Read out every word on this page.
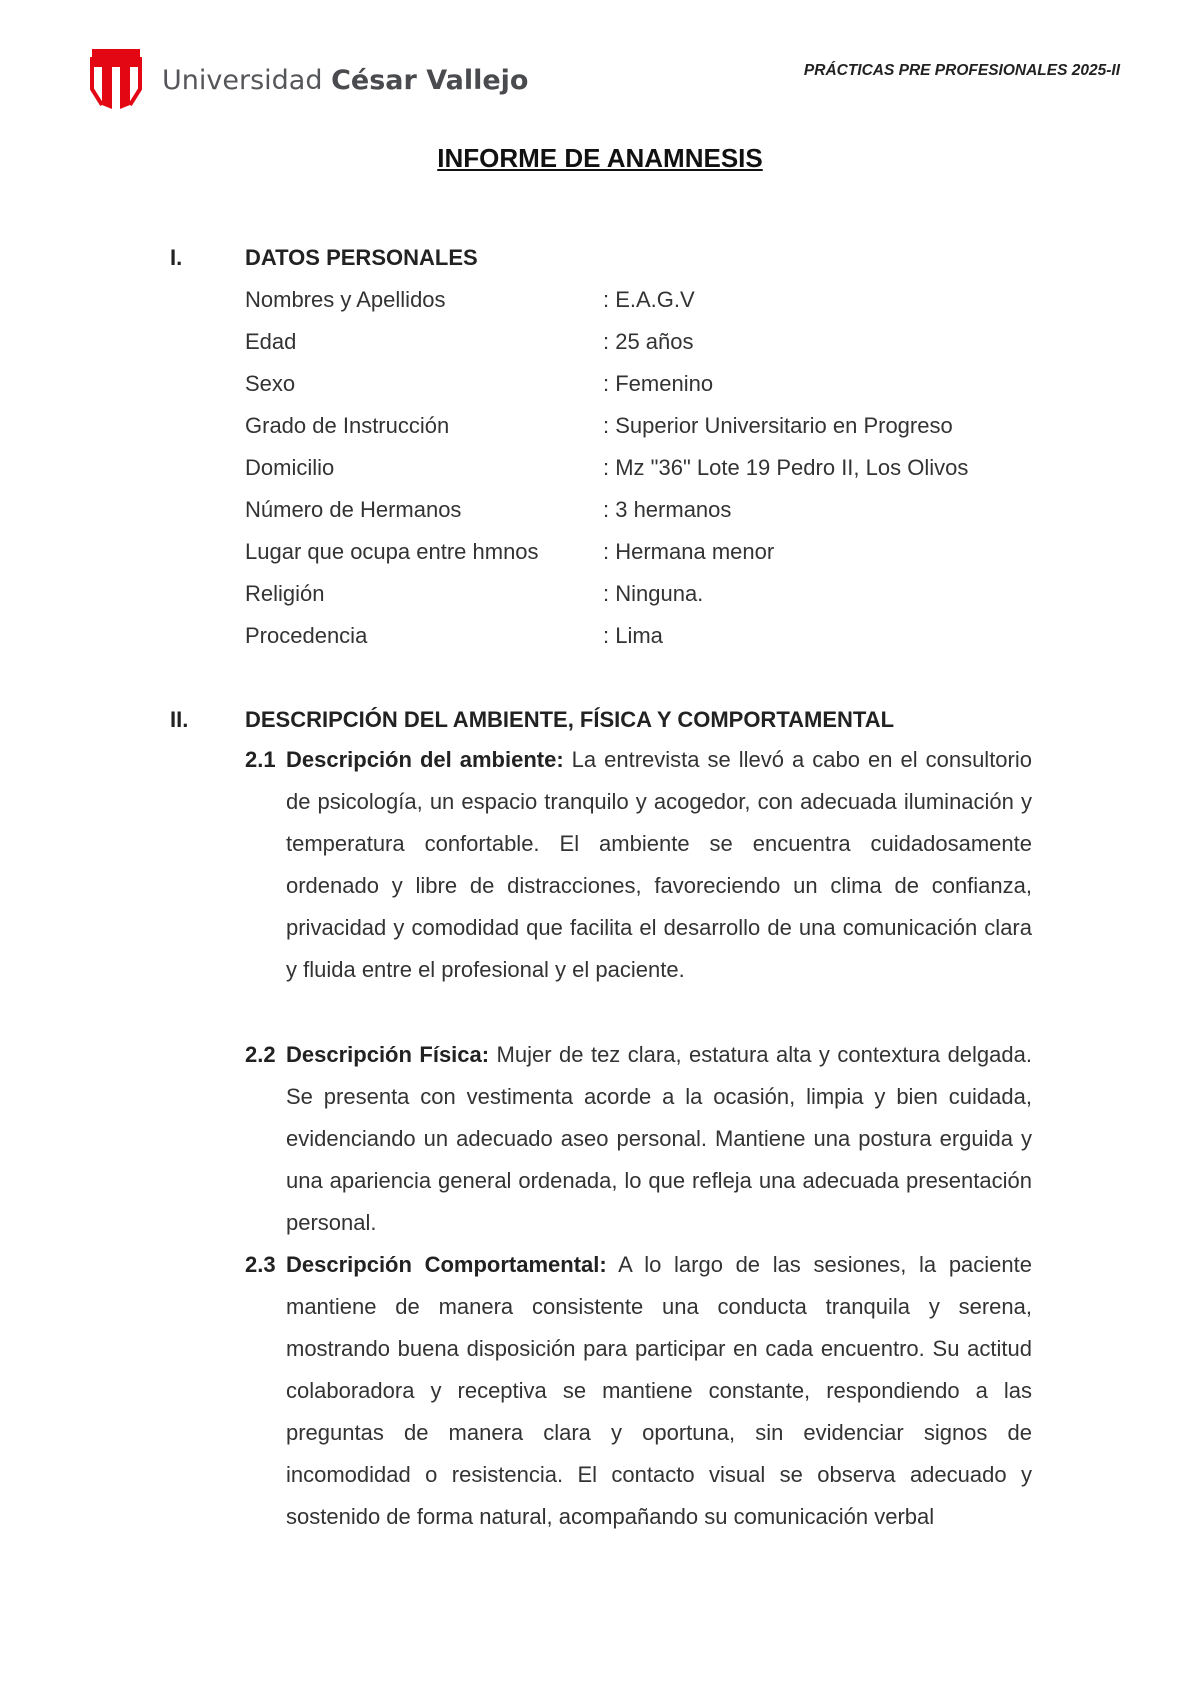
Universidad César Vallejo	PRÁCTICAS PRE PROFESIONALES 2025-II
INFORME DE ANAMNESIS
I.	DATOS PERSONALES
Nombres y Apellidos	: E.A.G.V
Edad	: 25 años
Sexo	: Femenino
Grado de Instrucción	: Superior Universitario en Progreso
Domicilio	: Mz "36" Lote 19 Pedro II, Los Olivos
Número de Hermanos	: 3 hermanos
Lugar que ocupa entre hmnos	: Hermana menor
Religión	: Ninguna.
Procedencia	: Lima
II.	DESCRIPCIÓN DEL AMBIENTE, FÍSICA Y COMPORTAMENTAL

2.1 Descripción del ambiente: La entrevista se llevó a cabo en el consultorio de psicología, un espacio tranquilo y acogedor, con adecuada iluminación y temperatura confortable. El ambiente se encuentra cuidadosamente ordenado y libre de distracciones, favoreciendo un clima de confianza, privacidad y comodidad que facilita el desarrollo de una comunicación clara y fluida entre el profesional y el paciente.

2.2 Descripción Física: Mujer de tez clara, estatura alta y contextura delgada. Se presenta con vestimenta acorde a la ocasión, limpia y bien cuidada, evidenciando un adecuado aseo personal. Mantiene una postura erguida y una apariencia general ordenada, lo que refleja una adecuada presentación personal.

2.3 Descripción Comportamental: A lo largo de las sesiones, la paciente mantiene de manera consistente una conducta tranquila y serena, mostrando buena disposición para participar en cada encuentro. Su actitud colaboradora y receptiva se mantiene constante, respondiendo a las preguntas de manera clara y oportuna, sin evidenciar signos de incomodidad o resistencia. El contacto visual se observa adecuado y sostenido de forma natural, acompañando su comunicación verbal
